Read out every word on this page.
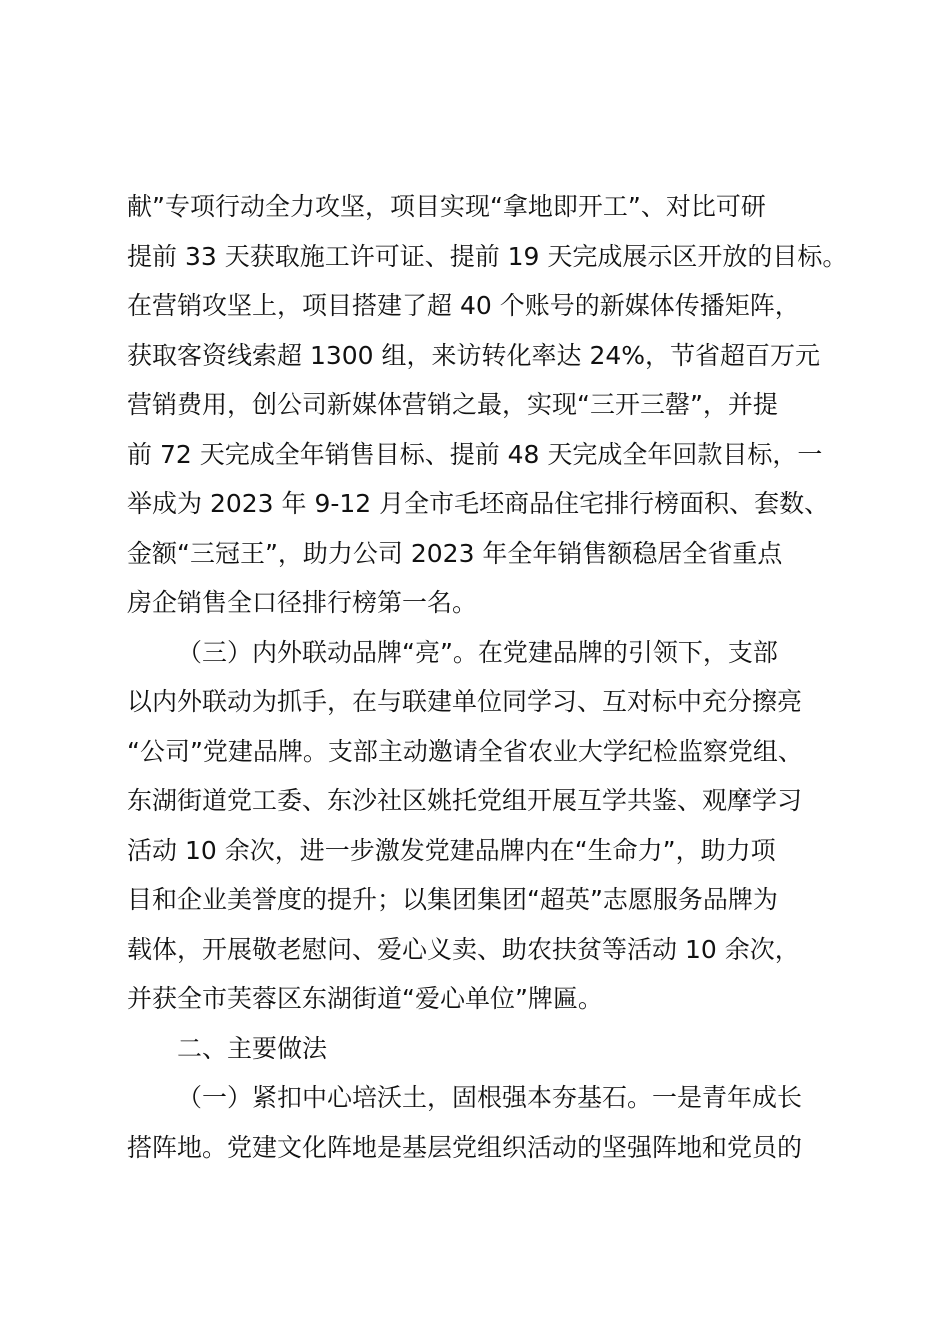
献”专项行动全力攻坚，项目实现“拿地即开工”、对比可研
提前 33 天获取施工许可证、提前 19 天完成展示区开放的目标。
在营销攻坚上，项目搭建了超 40 个账号的新媒体传播矩阵，
获取客资线索超 1300 组，来访转化率达 24%，节省超百万元
营销费用，创公司新媒体营销之最，实现“三开三罄”，并提
前 72 天完成全年销售目标、提前 48 天完成全年回款目标，一
举成为 2023 年 9-12 月全市毛坯商品住宅排行榜面积、套数、
金额“三冠王”，助力公司 2023 年全年销售额稳居全省重点
房企销售全口径排行榜第一名。
（三）内外联动品牌“亮”。在党建品牌的引领下，支部
以内外联动为抓手，在与联建单位同学习、互对标中充分擦亮
“公司”党建品牌。支部主动邀请全省农业大学纪检监察党组、
东湖街道党工委、东沙社区姚托党组开展互学共鉴、观摩学习
活动 10 余次，进一步激发党建品牌内在“生命力”，助力项
目和企业美誉度的提升；以集团集团“超英”志愿服务品牌为
载体，开展敬老慰问、爱心义卖、助农扶贫等活动 10 余次，
并获全市芙蓉区东湖街道“爱心单位”牌匾。
二、主要做法
（一）紧扣中心培沃土，固根强本夯基石。一是青年成长
搭阵地。党建文化阵地是基层党组织活动的坚强阵地和党员的
